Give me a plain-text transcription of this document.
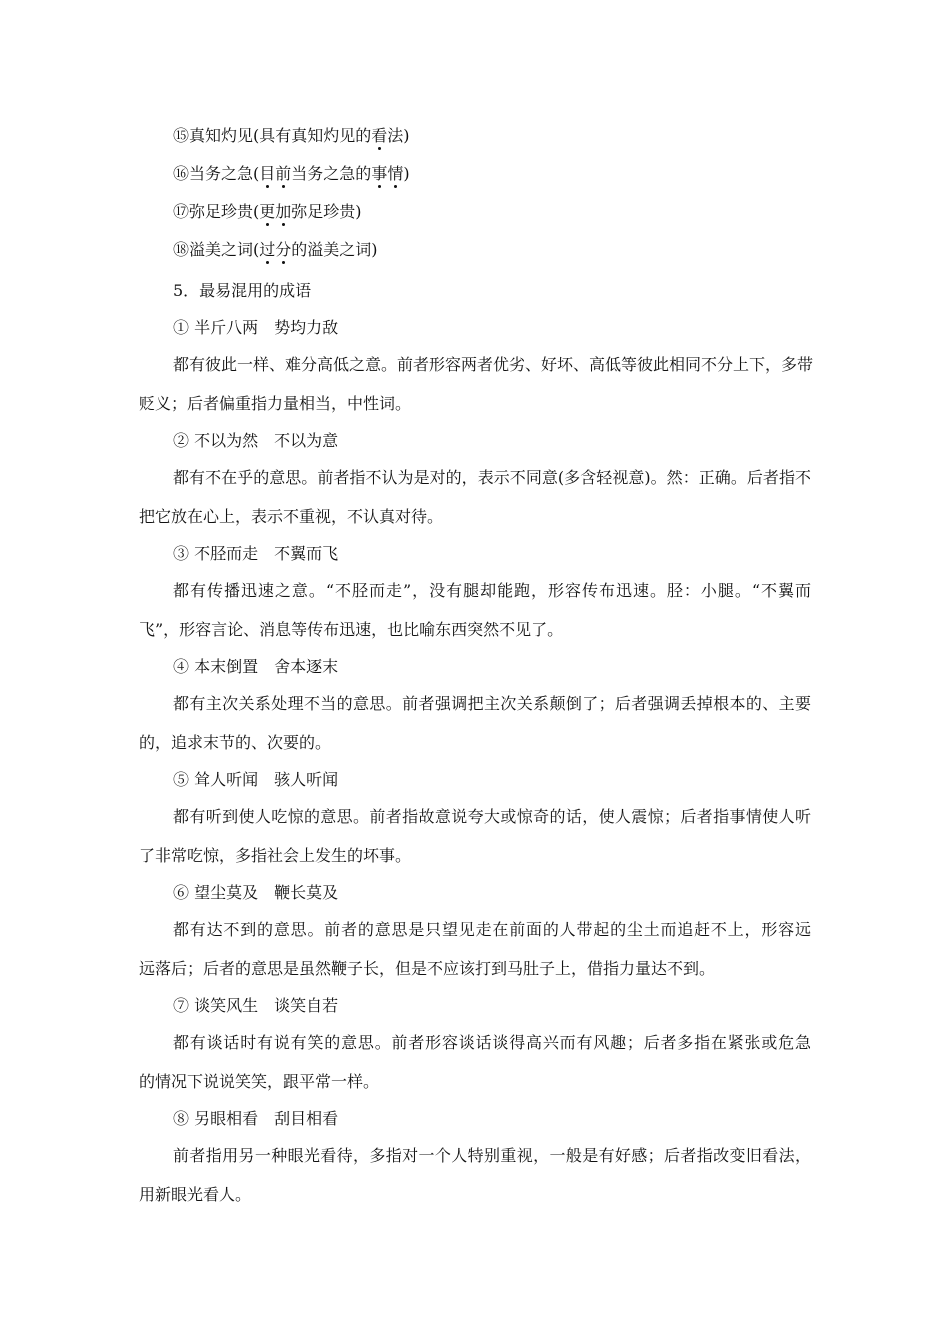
⑮真知灼见(具有真知灼见的看法)
⑯当务之急(目前当务之急的事情)
⑰弥足珍贵(更加弥足珍贵)
⑱溢美之词(过分的溢美之词)
5．最易混用的成语
① 半斤八两　势均力敌
都有彼此一样、难分高低之意。前者形容两者优劣、好坏、高低等彼此相同不分上下，多带
贬义；后者偏重指力量相当，中性词。
② 不以为然　不以为意
都有不在乎的意思。前者指不认为是对的，表示不同意(多含轻视意)。然：正确。后者指不
把它放在心上，表示不重视，不认真对待。
③ 不胫而走　不翼而飞
都有传播迅速之意。“不胫而走”，没有腿却能跑，形容传布迅速。胫：小腿。“不翼而
飞”，形容言论、消息等传布迅速，也比喻东西突然不见了。
④ 本末倒置　舍本逐末
都有主次关系处理不当的意思。前者强调把主次关系颠倒了；后者强调丢掉根本的、主要
的，追求末节的、次要的。
⑤ 耸人听闻　骇人听闻
都有听到使人吃惊的意思。前者指故意说夸大或惊奇的话，使人震惊；后者指事情使人听
了非常吃惊，多指社会上发生的坏事。
⑥ 望尘莫及　鞭长莫及
都有达不到的意思。前者的意思是只望见走在前面的人带起的尘土而追赶不上，形容远
远落后；后者的意思是虽然鞭子长，但是不应该打到马肚子上，借指力量达不到。
⑦ 谈笑风生　谈笑自若
都有谈话时有说有笑的意思。前者形容谈话谈得高兴而有风趣；后者多指在紧张或危急
的情况下说说笑笑，跟平常一样。
⑧ 另眼相看　刮目相看
前者指用另一种眼光看待，多指对一个人特别重视，一般是有好感；后者指改变旧看法，
用新眼光看人。
